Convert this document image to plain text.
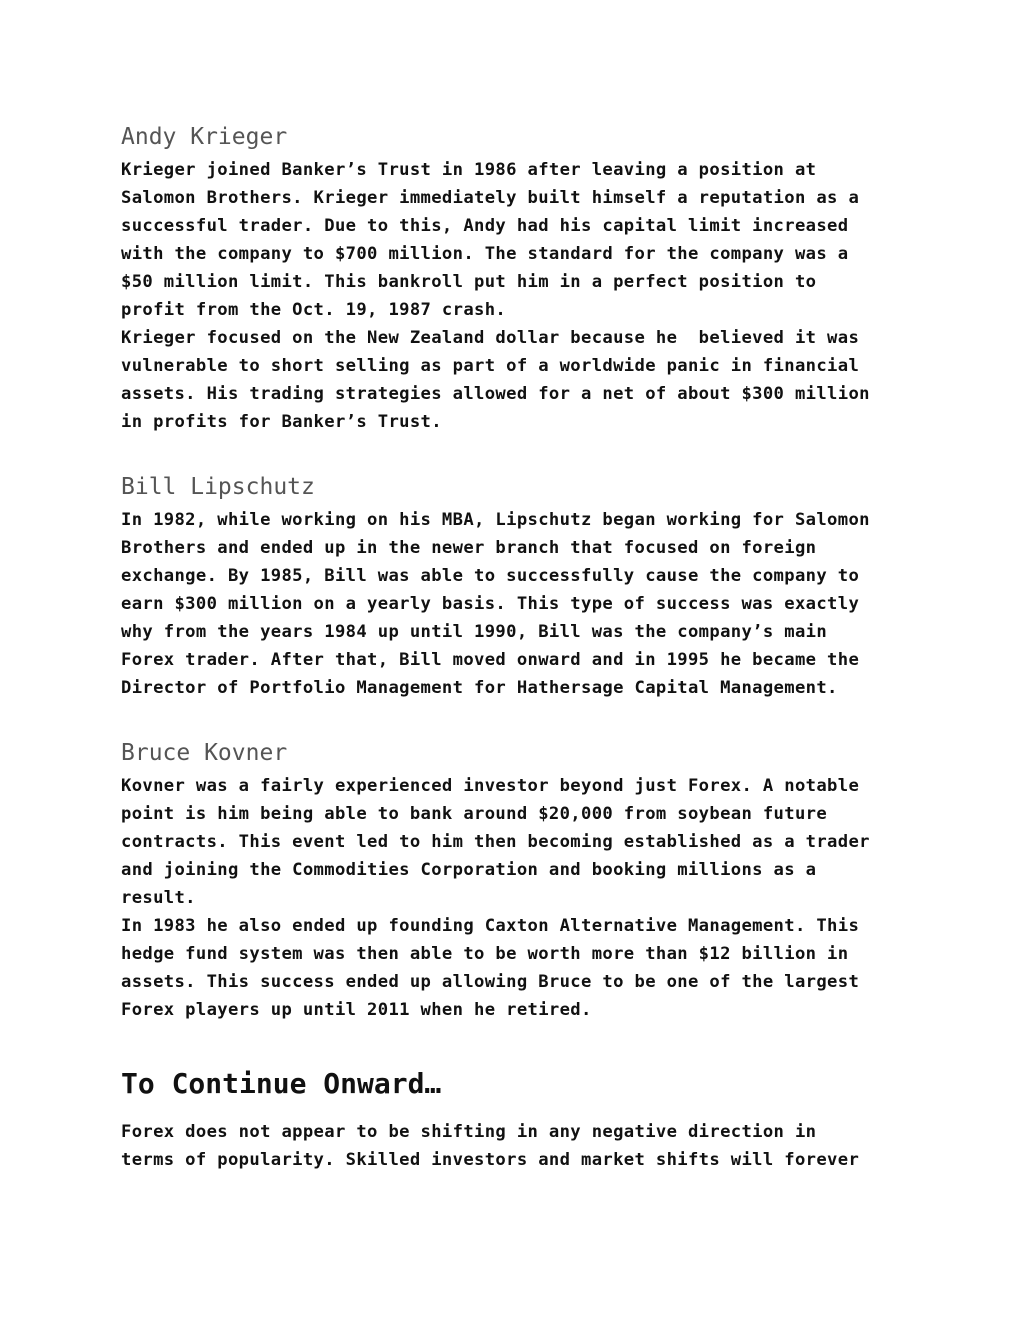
Andy Krieger

Krieger joined Banker’s Trust in 1986 after leaving a position at
Salomon Brothers. Krieger immediately built himself a reputation as a
successful trader. Due to this, Andy had his capital limit increased
with the company to $700 million. The standard for the company was a
$50 million limit. This bankroll put him in a perfect position to
profit from the Oct. 19, 1987 crash.

Krieger focused on the New Zealand dollar because he  believed it was
vulnerable to short selling as part of a worldwide panic in financial
assets. His trading strategies allowed for a net of about $300 million
in profits for Banker’s Trust.

Bill Lipschutz

In 1982, while working on his MBA, Lipschutz began working for Salomon
Brothers and ended up in the newer branch that focused on foreign
exchange. By 1985, Bill was able to successfully cause the company to
earn $300 million on a yearly basis. This type of success was exactly
why from the years 1984 up until 1990, Bill was the company’s main
Forex trader. After that, Bill moved onward and in 1995 he became the
Director of Portfolio Management for Hathersage Capital Management.

Bruce Kovner

Kovner was a fairly experienced investor beyond just Forex. A notable
point is him being able to bank around $20,000 from soybean future
contracts. This event led to him then becoming established as a trader
and joining the Commodities Corporation and booking millions as a
result.

In 1983 he also ended up founding Caxton Alternative Management. This
hedge fund system was then able to be worth more than $12 billion in
assets. This success ended up allowing Bruce to be one of the largest
Forex players up until 2011 when he retired.

To Continue Onward…

Forex does not appear to be shifting in any negative direction in
terms of popularity. Skilled investors and market shifts will forever
